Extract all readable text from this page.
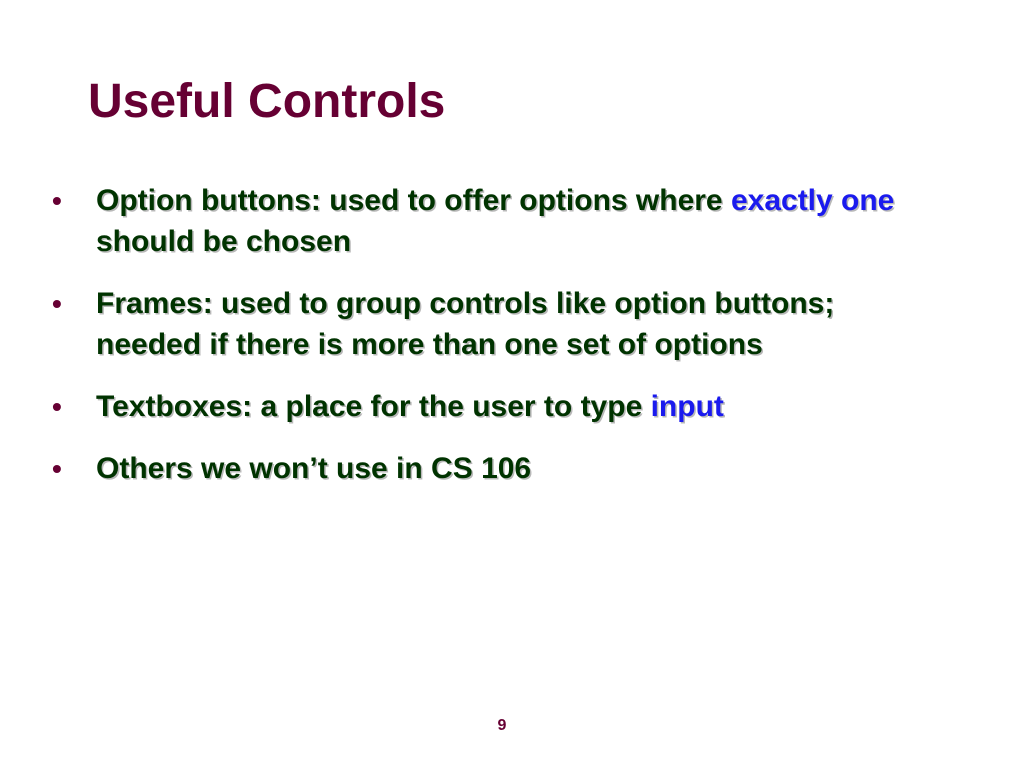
Useful Controls
• Option buttons: used to offer options where exactly one should be chosen
• Frames: used to group controls like option buttons; needed if there is more than one set of options
• Textboxes: a place for the user to type input
• Others we won’t use in CS 106
9
